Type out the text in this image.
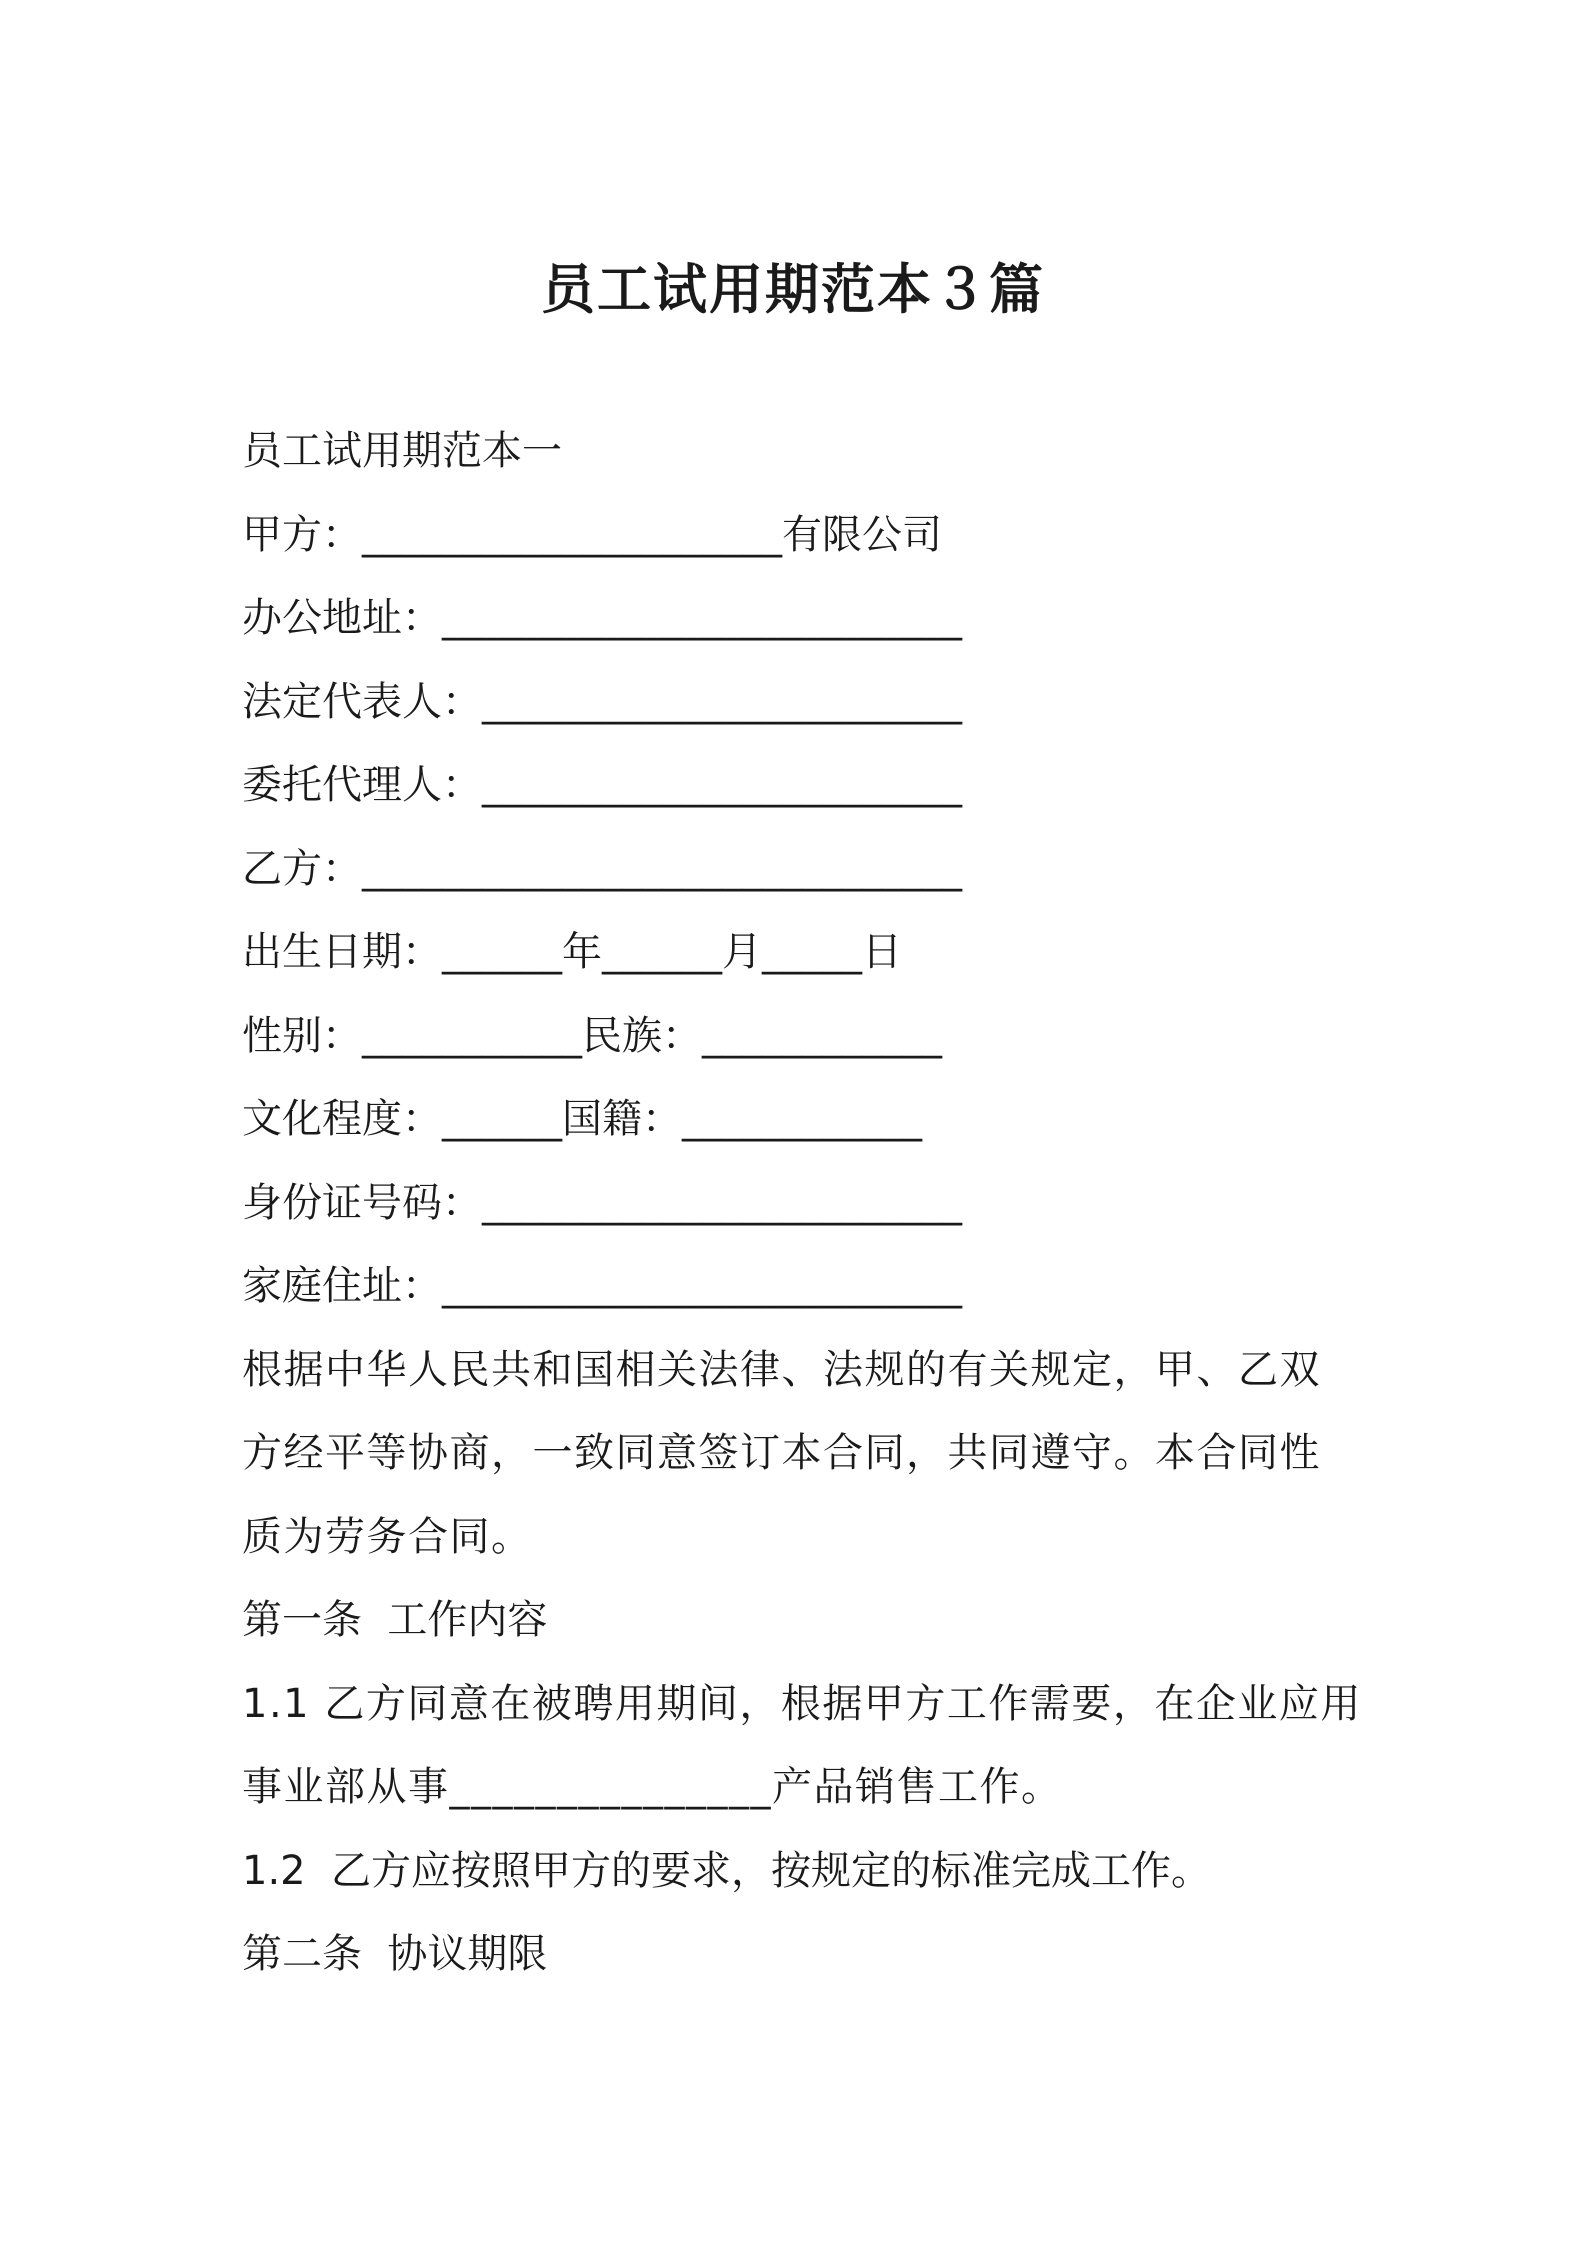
员工试用期范本３篇

员工试用期范本一

甲方：_____________________有限公司

办公地址：__________________________

法定代表人：________________________

委托代理人：________________________

乙方：______________________________

出生日期：______年______月_____日

性别：___________民族：____________

文化程度：______国籍：____________

身份证号码：________________________

家庭住址：__________________________

根据中华人民共和国相关法律、法规的有关规定，甲、乙双方经平等协商，一致同意签订本合同，共同遵守。本合同性质为劳务合同。

第一条  工作内容

1.1 乙方同意在被聘用期间，根据甲方工作需要，在企业应用事业部从事_______________产品销售工作。

1.2  乙方应按照甲方的要求，按规定的标准完成工作。

第二条  协议期限
